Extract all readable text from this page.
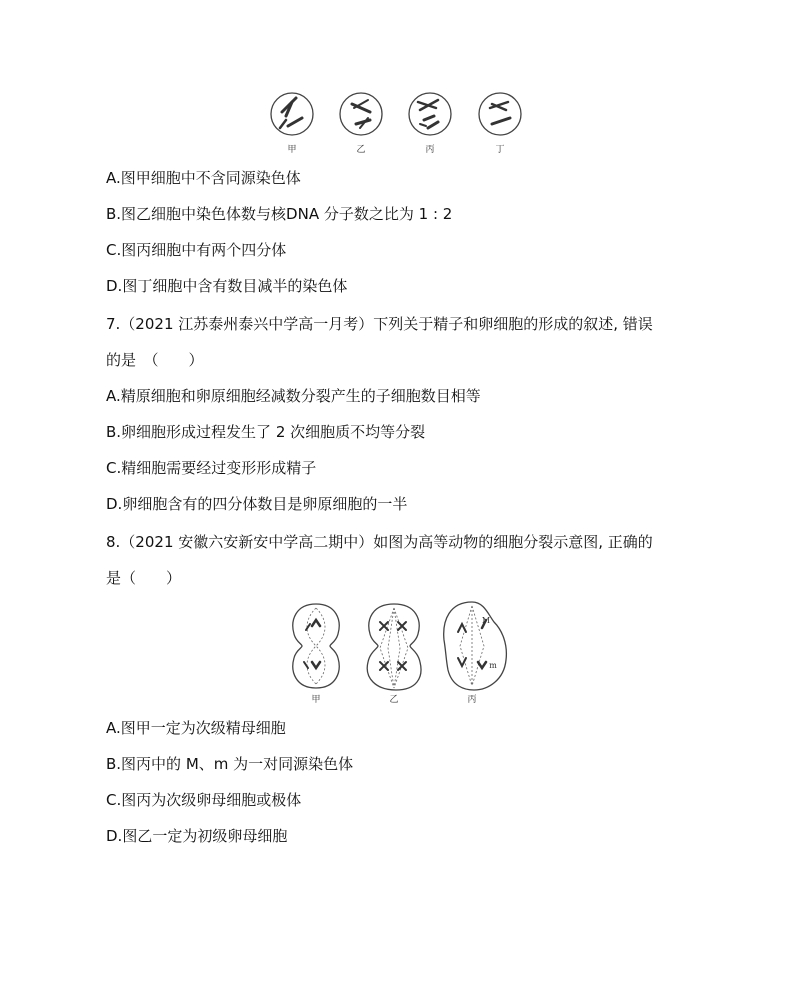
甲	乙	丙	丁
A.图甲细胞中不含同源染色体
B.图乙细胞中染色体数与核DNA 分子数之比为 1 : 2
C.图丙细胞中有两个四分体
D.图丁细胞中含有数目减半的染色体
7.（2021 江苏泰州泰兴中学高一月考）下列关于精子和卵细胞的形成的叙述, 错误
的是　（　　）
A.精原细胞和卵原细胞经减数分裂产生的子细胞数目相等
B.卵细胞形成过程发生了 2 次细胞质不均等分裂
C.精细胞需要经过变形形成精子
D.卵细胞含有的四分体数目是卵原细胞的一半
8.（2021 安徽六安新安中学高二期中）如图为高等动物的细胞分裂示意图, 正确的
是（　　）
M
m
甲	乙	丙
A.图甲一定为次级精母细胞
B.图丙中的 M、m 为一对同源染色体
C.图丙为次级卵母细胞或极体
D.图乙一定为初级卵母细胞
